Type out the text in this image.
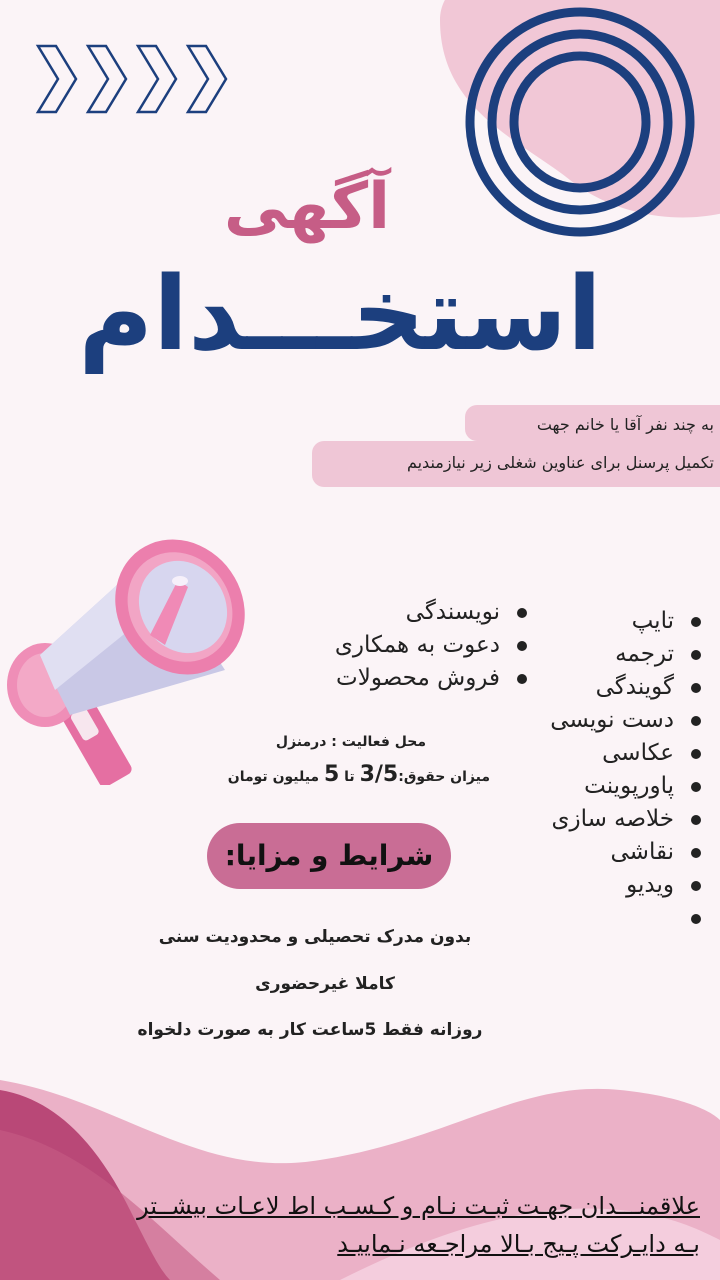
آگهی
استخـــدام
به چند نفر آقا یا خانم جهت
تکمیل پرسنل برای عناوین شغلی زیر نیازمندیم
تایپ
ترجمه
گویندگی
دست نویسی
عکاسی
پاورپوینت
خلاصه سازی
نقاشی
ویدیو
نویسندگی
دعوت به همکاری
فروش محصولات
محل فعالیت : درمنزل
میزان حقوق:3/5 تا 5 میلیون تومان
شرایط و مزایا:
بدون مدرک تحصیلی و محدودیت سنی
کاملا غیرحضوری
روزانه فقط 5ساعت کار به صورت دلخواه
علاقمنـــدان جهـت ثبـت نـام و کـسـب اط لاعـات بیشــتر
بـه دایـرکت پـیج بـالا مراجـعه نـماییـد
